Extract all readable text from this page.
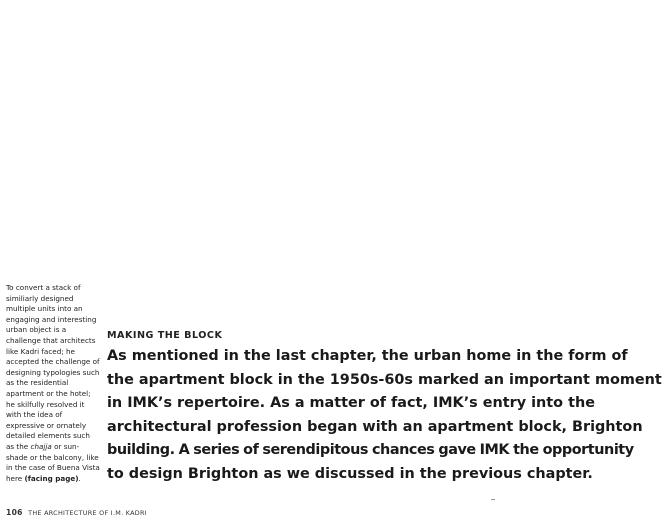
To convert a stack of similiarly designed multiple units into an engaging and interesting urban object is a challenge that architects like Kadri faced; he accepted the challenge of designing typologies such as the residential apartment or the hotel; he skilfully resolved it with the idea of expressive or ornately detailed elements such as the chajja or sun-shade or the balcony, like in the case of Buena Vista here (facing page).
MAKING THE BLOCK
As mentioned in the last chapter, the urban home in the form of
the apartment block in the 1950s-60s marked an important moment
in IMK’s repertoire. As a matter of fact, IMK’s entry into the
architectural profession began with an apartment block, Brighton
building. A series of serendipitous chances gave IMK the opportunity
to design Brighton as we discussed in the previous chapter.
106 THE ARCHITECTURE OF I.M. KADRI
